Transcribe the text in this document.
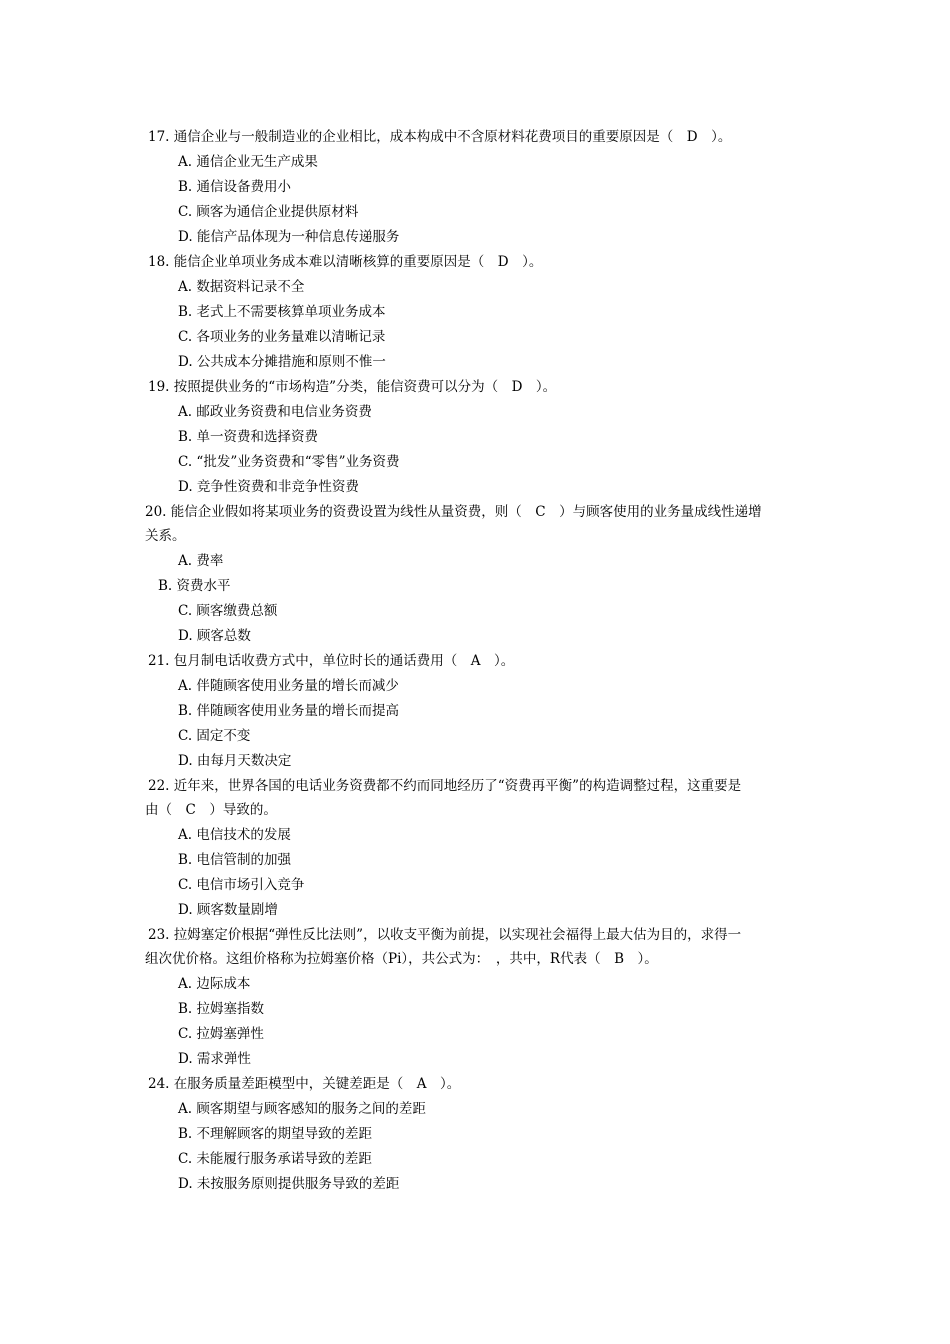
17. 通信企业与一般制造业的企业相比，成本构成中不含原材料花费项目的重要原因是（　D　）。
A. 通信企业无生产成果
B. 通信设备费用小
C. 顾客为通信企业提供原材料
D. 能信产品体现为一种信息传递服务
18. 能信企业单项业务成本难以清晰核算的重要原因是（　D　）。
A. 数据资料记录不全
B. 老式上不需要核算单项业务成本
C. 各项业务的业务量难以清晰记录
D. 公共成本分摊措施和原则不惟一
19. 按照提供业务的“市场构造”分类，能信资费可以分为（　D　）。
A. 邮政业务资费和电信业务资费
B. 单一资费和选择资费
C. “批发”业务资费和“零售”业务资费
D. 竞争性资费和非竞争性资费
20. 能信企业假如将某项业务的资费设置为线性从量资费，则（　C　）与顾客使用的业务量成线性递增
关系。
A. 费率
B. 资费水平
C. 顾客缴费总额
D. 顾客总数
21. 包月制电话收费方式中，单位时长的通话费用（　A　）。
A. 伴随顾客使用业务量的增长而减少
B. 伴随顾客使用业务量的增长而提高
C. 固定不变
D. 由每月天数决定
22. 近年来，世界各国的电话业务资费都不约而同地经历了“资费再平衡”的构造调整过程，这重要是
由（　C　）导致的。
A. 电信技术的发展
B. 电信管制的加强
C. 电信市场引入竞争
D. 顾客数量剧增
23. 拉姆塞定价根据“弹性反比法则”，以收支平衡为前提，以实现社会福得上最大估为目的，求得一
组次优价格。这组价格称为拉姆塞价格（Pi），共公式为：　，共中，R代表（　B　）。
A. 边际成本
B. 拉姆塞指数
C. 拉姆塞弹性
D. 需求弹性
24. 在服务质量差距模型中，关键差距是（　A　）。
A. 顾客期望与顾客感知的服务之间的差距
B. 不理解顾客的期望导致的差距
C. 未能履行服务承诺导致的差距
D. 未按服务原则提供服务导致的差距
